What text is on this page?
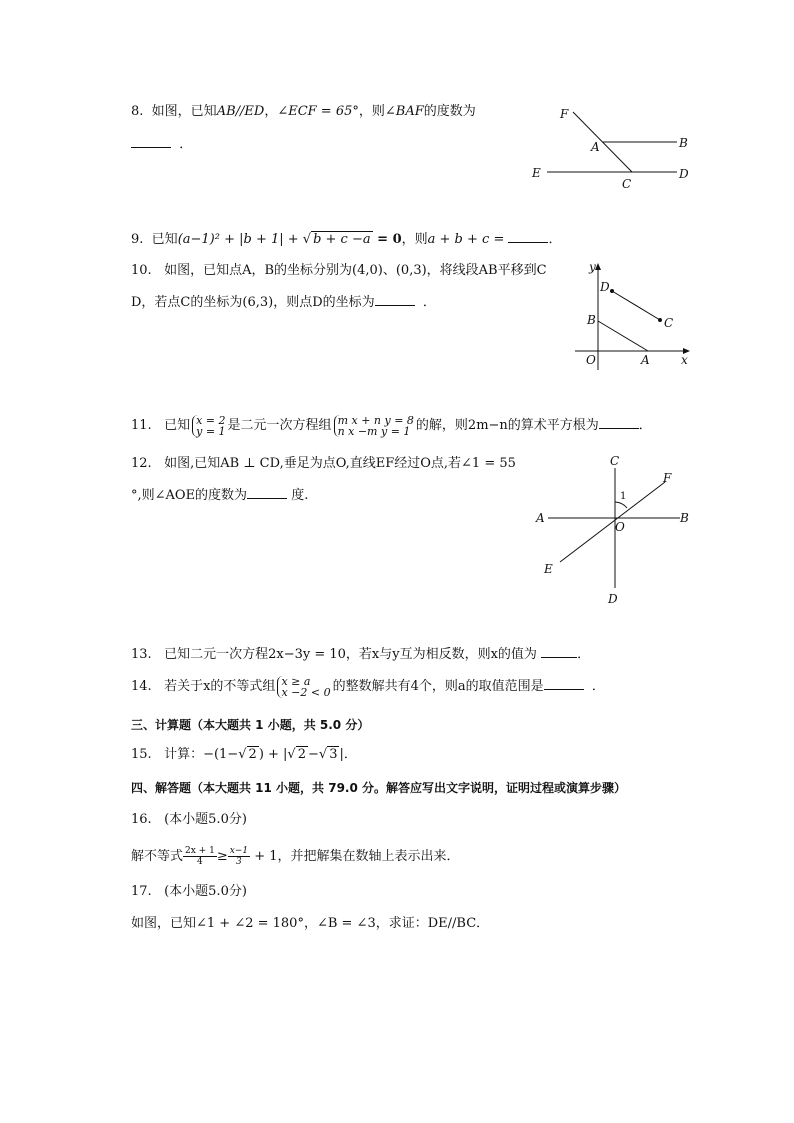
8. 如图，已知AB//ED，∠ECF = 65°，则∠BAF的度数为
．
F
A	B
E
C
D
9. 已知(a−1)² + |b + 1| + √ b + c −a = 0，则a + b + c =	．
10. 如图，已知点A，B的坐标分别为(4,0)、(0,3)，将线段AB平移到C
D，若点C的坐标为(6,3)，则点D的坐标为	．
y
x
O	A
B	C
D
11. 已知 x = 2
y = 1 是二元一次方程组 m x + n y = 8
n x −m y = 1 的解，则2m−n的算术平方根为	．
12. 如图,已知AB ⊥ CD,垂足为点O,直线EF经过O点,若∠1 = 55
°,则∠AOE的度数为	度.
C
F
A	B
O
E
D
1
13. 已知二元一次方程2x−3y = 10，若x与y互为相反数，则x的值为	．
14. 若关于x的不等式组 x ≥ a
x −2 < 0 的整数解共有4个，则a的取值范围是	．
三、计算题（本大题共 1 小题，共 5.0 分）
15. 计算：−(1−√ 2 ) + |√ 2 −√ 3 |．
四、解答题（本大题共 11 小题，共 79.0 分。解答应写出文字说明，证明过程或演算步骤）
16. (本小题5.0分)
解不等式 $\frac{2x + 1}{4} \ge \frac{x-1}{3} + 1$，并把解集在数轴上表示出来．
17. (本小题5.0分)
如图，已知∠1 + ∠2 = 180°，∠B = ∠3，求证：DE//BC．
